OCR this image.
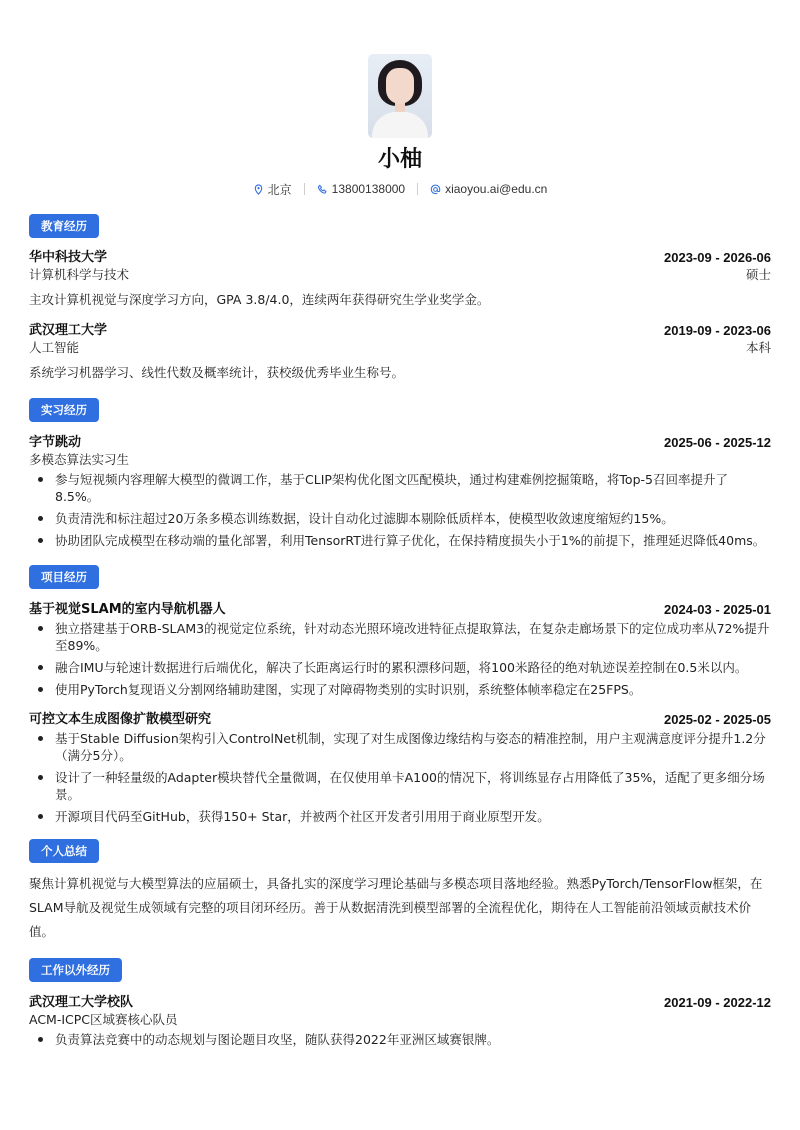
小柚
北京	13800138000	xiaoyou.ai@edu.cn
教育经历
华中科技大学	2023-09 - 2026-06
计算机科学与技术	硕士
主攻计算机视觉与深度学习方向，GPA 3.8/4.0，连续两年获得研究生学业奖学金。
武汉理工大学	2019-09 - 2023-06
人工智能	本科
系统学习机器学习、线性代数及概率统计，获校级优秀毕业生称号。
实习经历
字节跳动	2025-06 - 2025-12
多模态算法实习生
参与短视频内容理解大模型的微调工作，基于CLIP架构优化图文匹配模块，通过构建难例挖掘策略，将Top-5召回率提升了8.5%。
负责清洗和标注超过20万条多模态训练数据，设计自动化过滤脚本剔除低质样本，使模型收敛速度缩短约15%。
协助团队完成模型在移动端的量化部署，利用TensorRT进行算子优化，在保持精度损失小于1%的前提下，推理延迟降低40ms。
项目经历
基于视觉SLAM的室内导航机器人	2024-03 - 2025-01
独立搭建基于ORB-SLAM3的视觉定位系统，针对动态光照环境改进特征点提取算法，在复杂走廊场景下的定位成功率从72%提升至89%。
融合IMU与轮速计数据进行后端优化，解决了长距离运行时的累积漂移问题，将100米路径的绝对轨迹误差控制在0.5米以内。
使用PyTorch复现语义分割网络辅助建图，实现了对障碍物类别的实时识别，系统整体帧率稳定在25FPS。
可控文本生成图像扩散模型研究	2025-02 - 2025-05
基于Stable Diffusion架构引入ControlNet机制，实现了对生成图像边缘结构与姿态的精准控制，用户主观满意度评分提升1.2分（满分5分）。
设计了一种轻量级的Adapter模块替代全量微调，在仅使用单卡A100的情况下，将训练显存占用降低了35%，适配了更多细分场景。
开源项目代码至GitHub，获得150+ Star，并被两个社区开发者引用用于商业原型开发。
个人总结
聚焦计算机视觉与大模型算法的应届硕士，具备扎实的深度学习理论基础与多模态项目落地经验。熟悉PyTorch/TensorFlow框架，在SLAM导航及视觉生成领域有完整的项目闭环经历。善于从数据清洗到模型部署的全流程优化，期待在人工智能前沿领域贡献技术价值。
工作以外经历
武汉理工大学校队	2021-09 - 2022-12
ACM-ICPC区域赛核心队员
负责算法竞赛中的动态规划与图论题目攻坚，随队获得2022年亚洲区域赛银牌。
